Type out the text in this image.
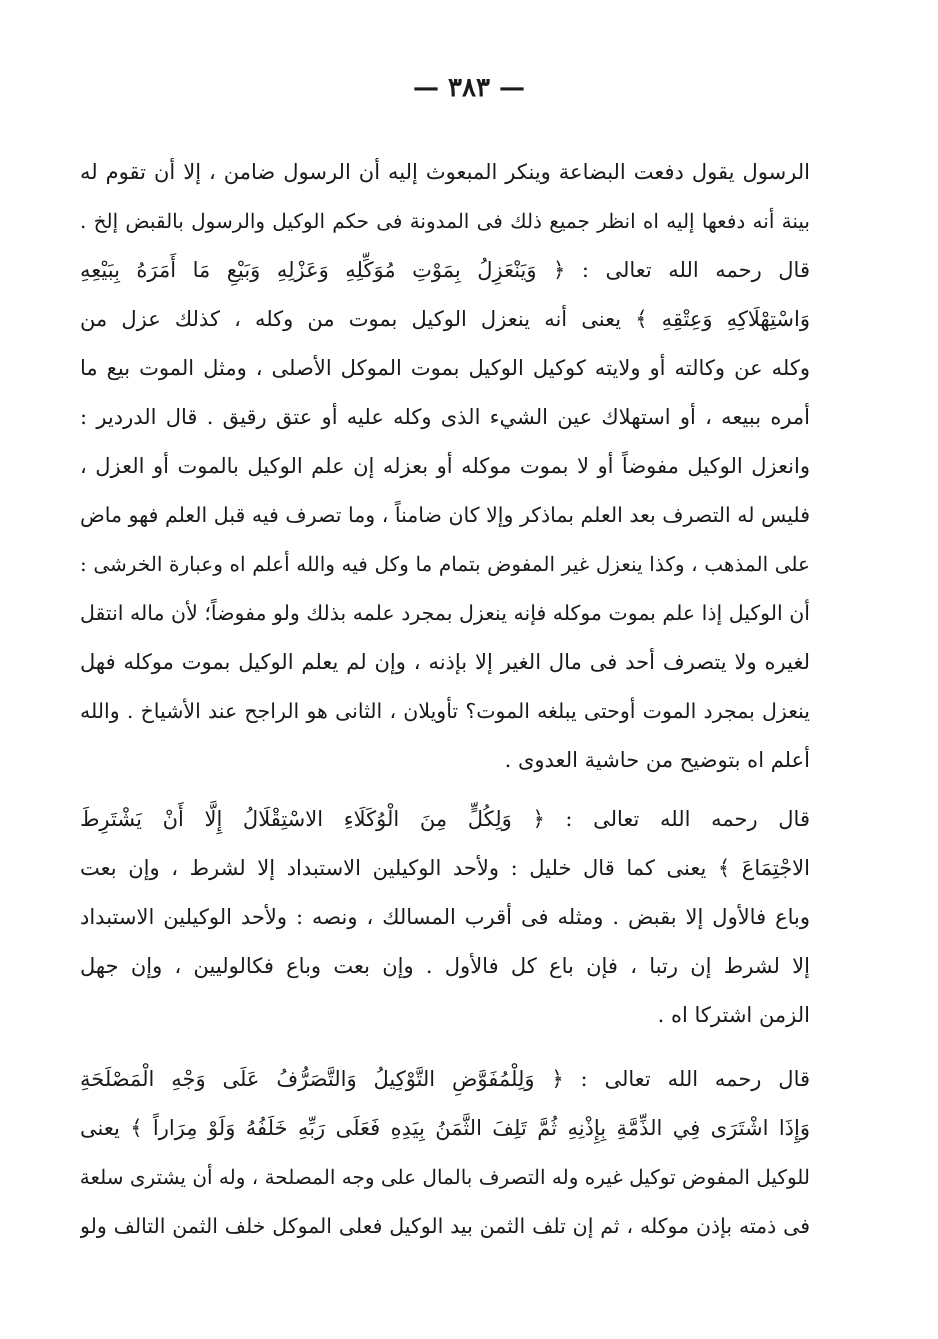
— ٣٨٣ —
الرسول يقول دفعت البضاعة وينكر المبعوث إليه أن الرسول ضامن ، إلا أن تقوم له
بينة أنه دفعها إليه اه انظر جميع ذلك فى المدونة فى حكم الوكيل والرسول بالقبض إلخ .
قال رحمه الله تعالى : ﴿ وَيَنْعَزِلُ بِمَوْتِ مُوَكِّلِهِ وَعَزْلِهِ وَبَيْعِ مَا أَمَرَهُ بِبَيْعِهِ
وَاسْتِهْلَاكِهِ وَعِتْقِهِ ﴾ يعنى أنه ينعزل الوكيل بموت من وكله ، كذلك عزل من
وكله عن وكالته أو ولايته كوكيل الوكيل بموت الموكل الأصلى ، ومثل الموت بيع ما
أمره ببيعه ، أو استهلاك عين الشيء الذى وكله عليه أو عتق رقيق . قال الدردير :
وانعزل الوكيل مفوضاً أو لا بموت موكله أو بعزله إن علم الوكيل بالموت أو العزل ،
فليس له التصرف بعد العلم بماذكر وإلا كان ضامناً ، وما تصرف فيه قبل العلم فهو ماض
على المذهب ، وكذا ينعزل غير المفوض بتمام ما وكل فيه والله أعلم اه وعبارة الخرشى :
أن الوكيل إذا علم بموت موكله فإنه ينعزل بمجرد علمه بذلك ولو مفوضاً؛ لأن ماله انتقل
لغيره ولا يتصرف أحد فى مال الغير إلا بإذنه ، وإن لم يعلم الوكيل بموت موكله فهل
ينعزل بمجرد الموت أوحتى يبلغه الموت؟ تأويلان ، الثانى هو الراجح عند الأشياخ . والله
أعلم اه بتوضيح من حاشية العدوى .
قال رحمه الله تعالى : ﴿ وَلِكُلٍّ مِنَ الْوُكَلَاءِ الاسْتِقْلَالُ إِلَّا أَنْ يَشْتَرِطَ
الاجْتِمَاعَ ﴾ يعنى كما قال خليل : ولأحد الوكيلين الاستبداد إلا لشرط ، وإن بعت
وباع فالأول إلا بقبض . ومثله فى أقرب المسالك ، ونصه : ولأحد الوكيلين الاستبداد
إلا لشرط إن رتبا ، فإن باع كل فالأول . وإن بعت وباع فكالوليين ، وإن جهل
الزمن اشتركا اه .
قال رحمه الله تعالى : ﴿ وَلِلْمُفَوَّضِ التَّوْكِيلُ وَالتَّصَرُّفُ عَلَى وَجْهِ الْمَصْلَحَةِ
وَإِذَا اشْتَرَى فِي الذِّمَّةِ بِإِذْنِهِ ثُمَّ تَلِفَ الثَّمَنُ بِيَدِهِ فَعَلَى رَبِّهِ خَلَفُهُ وَلَوْ مِرَاراً ﴾ يعنى
للوكيل المفوض توكيل غيره وله التصرف بالمال على وجه المصلحة ، وله أن يشترى سلعة
فى ذمته بإذن موكله ، ثم إن تلف الثمن بيد الوكيل فعلى الموكل خلف الثمن التالف ولو
